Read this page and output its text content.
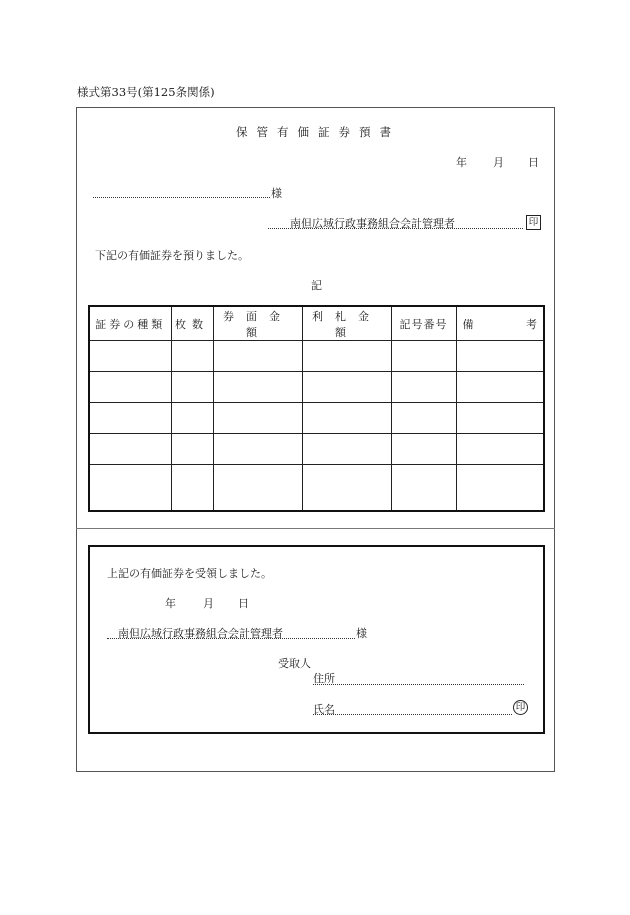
様式第33号(第125条関係)
保管有価証券預書
年 月 日
様
南但広域行政事務組合会計管理者	印
下記の有価証券を預りました。
記
証券の種類	枚数	券面金額	利札金額	記号番号	備 考

上記の有価証券を受領しました。
年 月 日
南但広域行政事務組合会計管理者	様
受取人
住所
氏名	印
